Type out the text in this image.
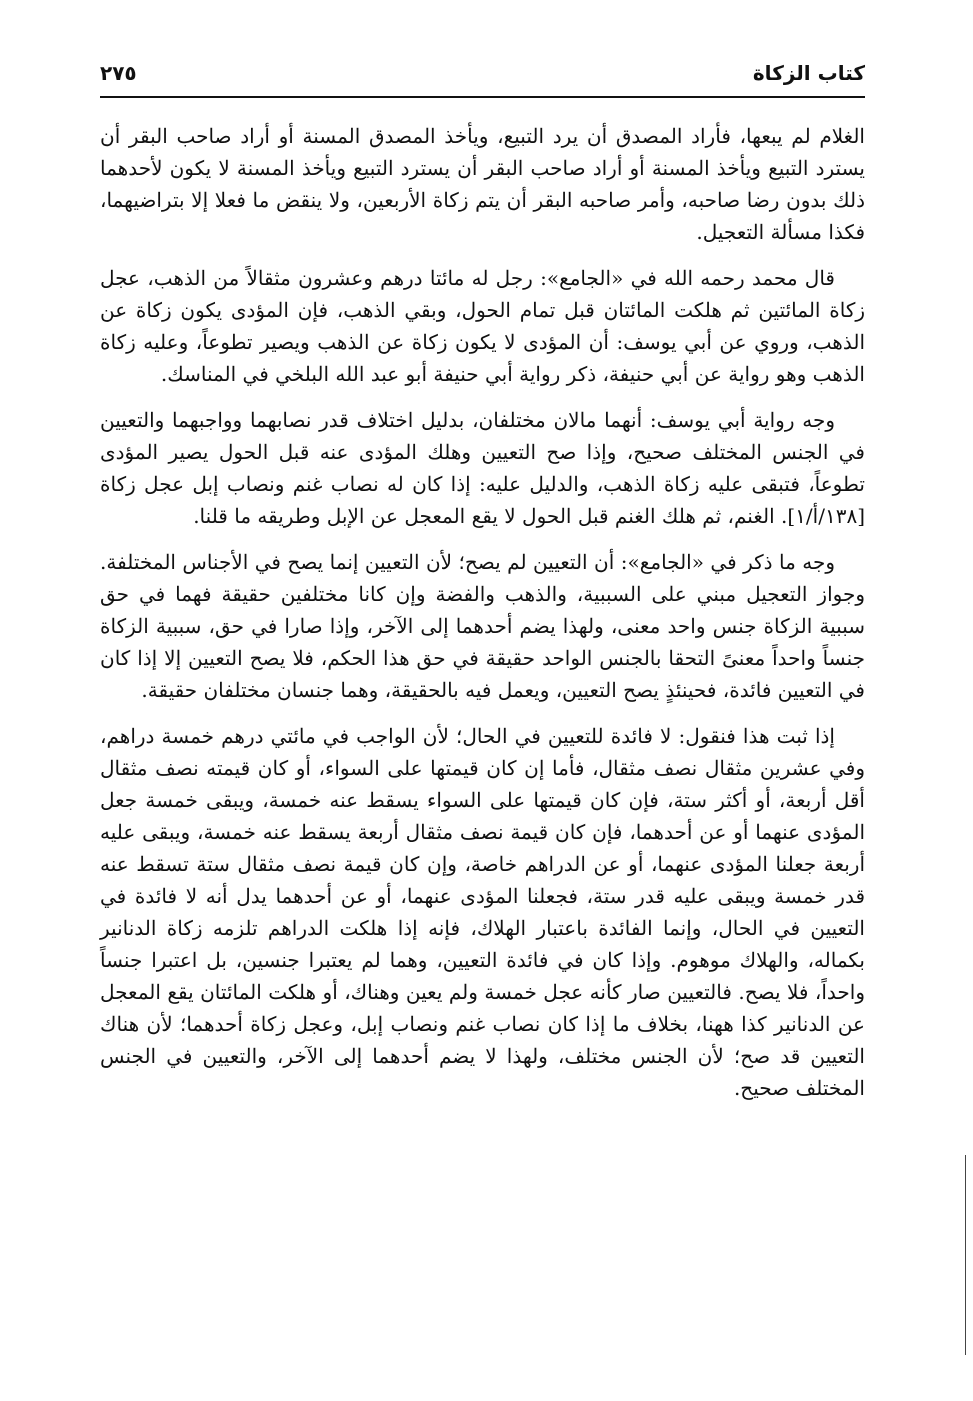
كتاب الزكاة
٢٧٥

الغلام لم يبعها، فأراد المصدق أن يرد التبيع، ويأخذ المصدق المسنة أو أراد صاحب البقر أن يسترد التبيع ويأخذ المسنة أو أراد صاحب البقر أن يسترد التبيع ويأخذ المسنة لا يكون لأحدهما ذلك بدون رضا صاحبه، وأمر صاحبه البقر أن يتم زكاة الأربعين، ولا ينقض ما فعلا إلا بتراضيهما، فكذا مسألة التعجيل.

قال محمد رحمه الله في «الجامع»: رجل له مائتا درهم وعشرون مثقالاً من الذهب، عجل زكاة المائتين ثم هلكت المائتان قبل تمام الحول، وبقي الذهب، فإن المؤدى يكون زكاة عن الذهب، وروي عن أبي يوسف: أن المؤدى لا يكون زكاة عن الذهب ويصير تطوعاً، وعليه زكاة الذهب وهو رواية عن أبي حنيفة، ذكر رواية أبي حنيفة أبو عبد الله البلخي في المناسك.

وجه رواية أبي يوسف: أنهما مالان مختلفان، بدليل اختلاف قدر نصابهما وواجبهما والتعيين في الجنس المختلف صحيح، وإذا صح التعيين وهلك المؤدى عنه قبل الحول يصير المؤدى تطوعاً، فتبقى عليه زكاة الذهب، والدليل عليه: إذا كان له نصاب غنم ونصاب إبل عجل زكاة [١٣٨/أ/١]. الغنم، ثم هلك الغنم قبل الحول لا يقع المعجل عن الإبل وطريقه ما قلنا.

وجه ما ذكر في «الجامع»: أن التعيين لم يصح؛ لأن التعيين إنما يصح في الأجناس المختلفة. وجواز التعجيل مبني على السببية، والذهب والفضة وإن كانا مختلفين حقيقة فهما في حق سببية الزكاة جنس واحد معنى، ولهذا يضم أحدهما إلى الآخر، وإذا صارا في حق، سببية الزكاة جنساً واحداً معنىً التحقا بالجنس الواحد حقيقة في حق هذا الحكم، فلا يصح التعيين إلا إذا كان في التعيين فائدة، فحينئذٍ يصح التعيين، ويعمل فيه بالحقيقة، وهما جنسان مختلفان حقيقة.

إذا ثبت هذا فنقول: لا فائدة للتعيين في الحال؛ لأن الواجب في مائتي درهم خمسة دراهم، وفي عشرين مثقال نصف مثقال، فأما إن كان قيمتها على السواء، أو كان قيمته نصف مثقال أقل أربعة، أو أكثر ستة، فإن كان قيمتها على السواء يسقط عنه خمسة، ويبقى خمسة جعل المؤدى عنهما أو عن أحدهما، فإن كان قيمة نصف مثقال أربعة يسقط عنه خمسة، ويبقى عليه أربعة جعلنا المؤدى عنهما، أو عن الدراهم خاصة، وإن كان قيمة نصف مثقال ستة تسقط عنه قدر خمسة ويبقى عليه قدر ستة، فجعلنا المؤدى عنهما، أو عن أحدهما يدل أنه لا فائدة في التعيين في الحال، وإنما الفائدة باعتبار الهلاك، فإنه إذا هلكت الدراهم تلزمه زكاة الدنانير بكماله، والهلاك موهوم. وإذا كان في فائدة التعيين، وهما لم يعتبرا جنسين، بل اعتبرا جنساً واحداً، فلا يصح. فالتعيين صار كأنه عجل خمسة ولم يعين وهناك، أو هلكت المائتان يقع المعجل عن الدنانير كذا ههنا، بخلاف ما إذا كان نصاب غنم ونصاب إبل، وعجل زكاة أحدهما؛ لأن هناك التعيين قد صح؛ لأن الجنس مختلف، ولهذا لا يضم أحدهما إلى الآخر، والتعيين في الجنس المختلف صحيح.
